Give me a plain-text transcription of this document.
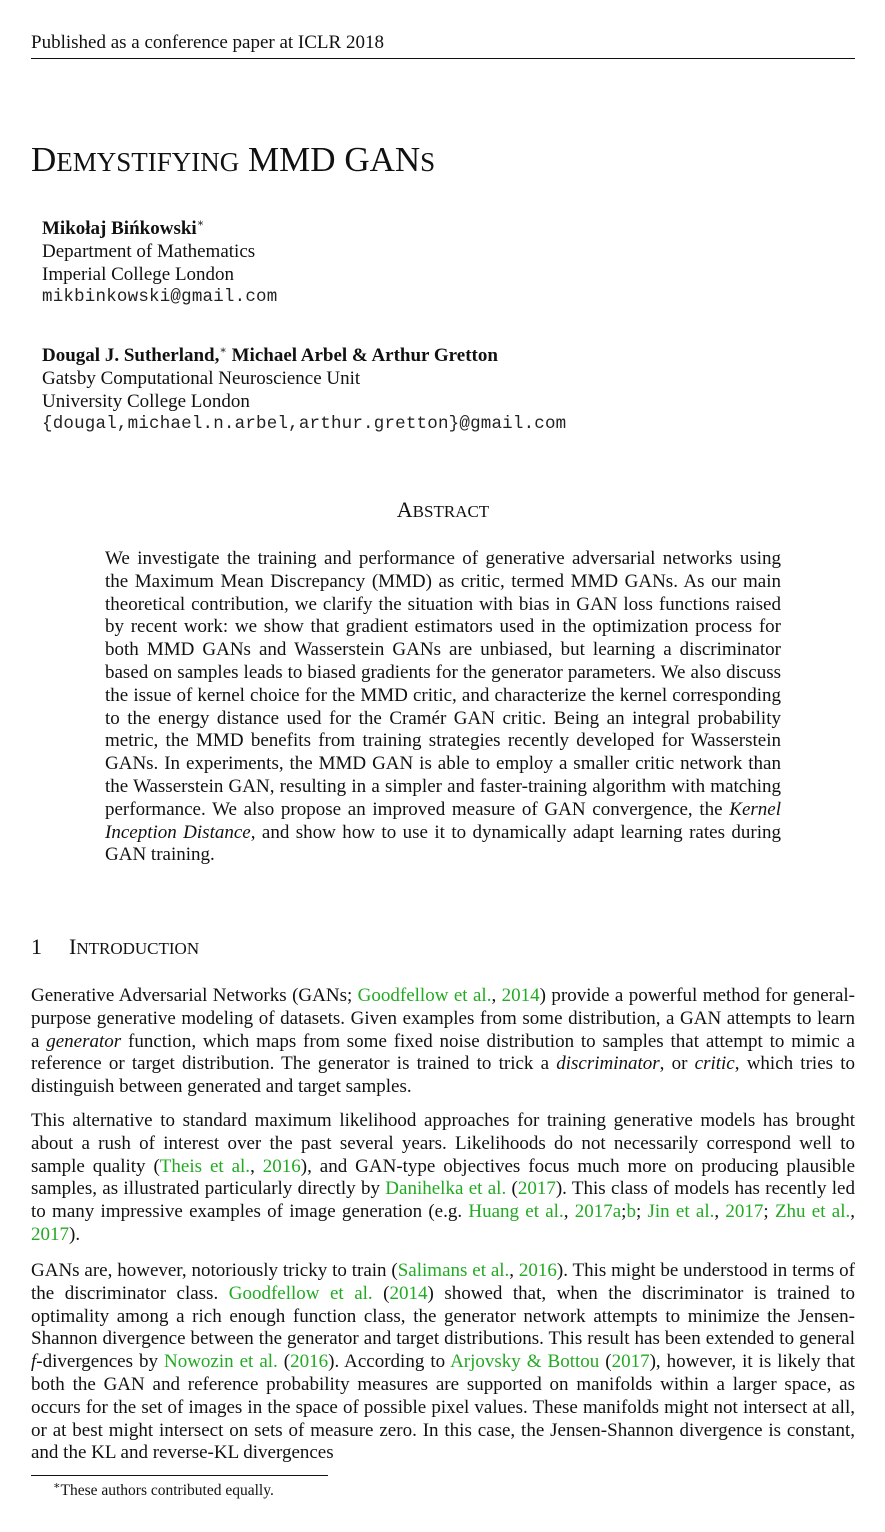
Published as a conference paper at ICLR 2018
DEMYSTIFYING MMD GANS
Mikołaj Bińkowski∗
Department of Mathematics
Imperial College London
mikbinkowski@gmail.com
Dougal J. Sutherland,∗ Michael Arbel & Arthur Gretton
Gatsby Computational Neuroscience Unit
University College London
{dougal,michael.n.arbel,arthur.gretton}@gmail.com
ABSTRACT

We investigate the training and performance of generative adversarial networks using the Maximum Mean Discrepancy (MMD) as critic, termed MMD GANs. As our main theoretical contribution, we clarify the situation with bias in GAN loss functions raised by recent work: we show that gradient estimators used in the optimization process for both MMD GANs and Wasserstein GANs are unbiased, but learning a discriminator based on samples leads to biased gradients for the generator parameters. We also discuss the issue of kernel choice for the MMD critic, and characterize the kernel corresponding to the energy distance used for the Cramér GAN critic. Being an integral probability metric, the MMD benefits from training strategies recently developed for Wasserstein GANs. In experiments, the MMD GAN is able to employ a smaller critic network than the Wasserstein GAN, resulting in a simpler and faster-training algorithm with matching performance. We also propose an improved measure of GAN convergence, the Kernel Inception Distance, and show how to use it to dynamically adapt learning rates during GAN training.

1 INTRODUCTION

Generative Adversarial Networks (GANs; Goodfellow et al., 2014) provide a powerful method for general-purpose generative modeling of datasets. Given examples from some distribution, a GAN attempts to learn a generator function, which maps from some fixed noise distribution to samples that attempt to mimic a reference or target distribution. The generator is trained to trick a discriminator, or critic, which tries to distinguish between generated and target samples.

This alternative to standard maximum likelihood approaches for training generative models has brought about a rush of interest over the past several years. Likelihoods do not necessarily correspond well to sample quality (Theis et al., 2016), and GAN-type objectives focus much more on producing plausible samples, as illustrated particularly directly by Danihelka et al. (2017). This class of models has recently led to many impressive examples of image generation (e.g. Huang et al., 2017a;b; Jin et al., 2017; Zhu et al., 2017).

GANs are, however, notoriously tricky to train (Salimans et al., 2016). This might be understood in terms of the discriminator class. Goodfellow et al. (2014) showed that, when the discriminator is trained to optimality among a rich enough function class, the generator network attempts to minimize the Jensen-Shannon divergence between the generator and target distributions. This result has been extended to general f-divergences by Nowozin et al. (2016). According to Arjovsky & Bottou (2017), however, it is likely that both the GAN and reference probability measures are supported on manifolds within a larger space, as occurs for the set of images in the space of possible pixel values. These manifolds might not intersect at all, or at best might intersect on sets of measure zero. In this case, the Jensen-Shannon divergence is constant, and the KL and reverse-KL divergences

∗These authors contributed equally.
